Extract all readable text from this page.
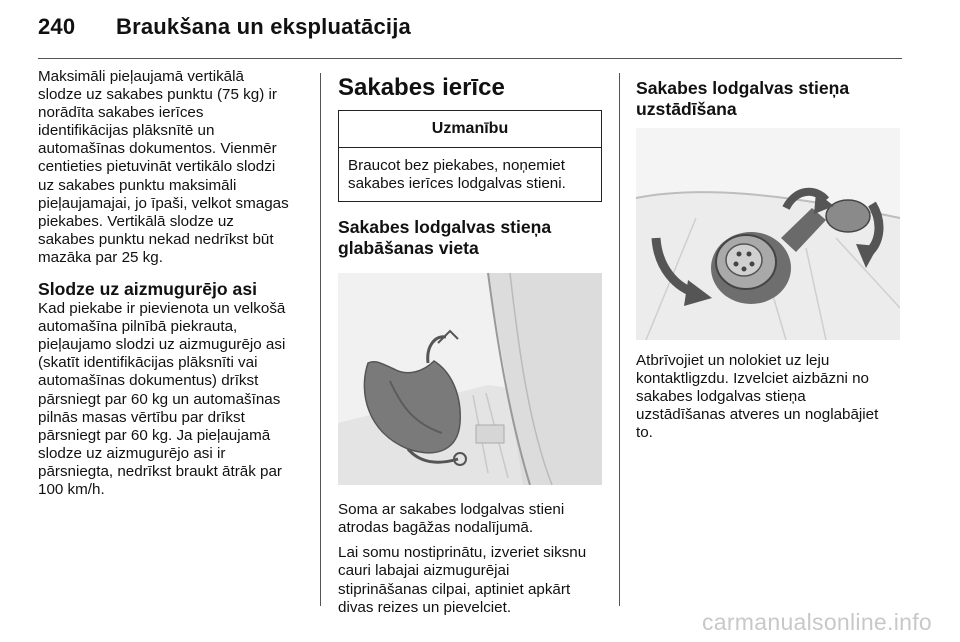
240 Braukšana un ekspluatācija

Maksimāli pieļaujamā vertikālā
slodze uz sakabes punktu (75 kg) ir
norādīta sakabes ierīces
identifikācijas plāksnītē un
automašīnas dokumentos. Vienmēr
centieties pietuvināt vertikālo slodzi
uz sakabes punktu maksimāli
pieļaujamajai, jo īpaši, velkot smagas
piekabes. Vertikālā slodze uz
sakabes punktu nekad nedrīkst būt
mazāka par 25 kg.

Slodze uz aizmugurējo asi

Kad piekabe ir pievienota un velkošā
automašīna pilnībā piekrauta,
pieļaujamo slodzi uz aizmugurējo asi
(skatīt identifikācijas plāksnīti vai
automašīnas dokumentus) drīkst
pārsniegt par 60 kg un automašīnas
pilnās masas vērtību par drīkst
pārsniegt par 60 kg. Ja pieļaujamā
slodze uz aizmugurējo asi ir
pārsniegta, nedrīkst braukt ātrāk par
100 km/h.

Sakabes ierīce
Uzmanību
Braucot bez piekabes, noņemiet
sakabes ierīces lodgalvas stieni.
Sakabes lodgalvas stieņa
glabāšanas vieta

Soma ar sakabes lodgalvas stieni
atrodas bagāžas nodalījumā.

Lai somu nostiprinātu, izveriet siksnu
cauri labajai aizmugurējai
stiprināšanas cilpai, aptiniet apkārt
divas reizes un pievelciet.

Sakabes lodgalvas stieņa
uzstādīšana

Atbrīvojiet un nolokiet uz leju
kontaktligzdu. Izvelciet aizbāzni no
sakabes lodgalvas stieņa
uzstādīšanas atveres un noglabājiet
to.

carmanualsonline.info
